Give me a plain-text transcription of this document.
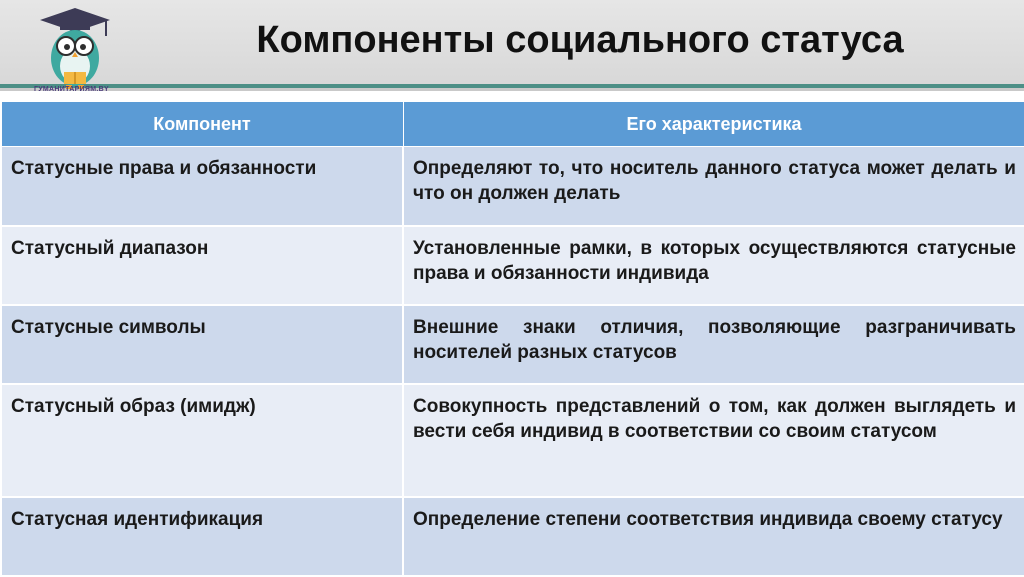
ГУМАНИТАРИЯМ.BY
Компоненты социального статуса
Компонент	Его характеристика
Статусные права и обязанности	Определяют то, что носитель данного статуса может делать и что он должен делать
Статусный диапазон	Установленные рамки, в которых осуществляются статусные права и обязанности индивида
Статусные символы	Внешние знаки отличия, позволяющие разграничивать носителей разных статусов
Статусный образ (имидж)	Совокупность представлений о том, как должен выглядеть и вести себя индивид в соответствии со своим статусом
Статусная идентификация	Определение степени соответствия индивида своему статусу
